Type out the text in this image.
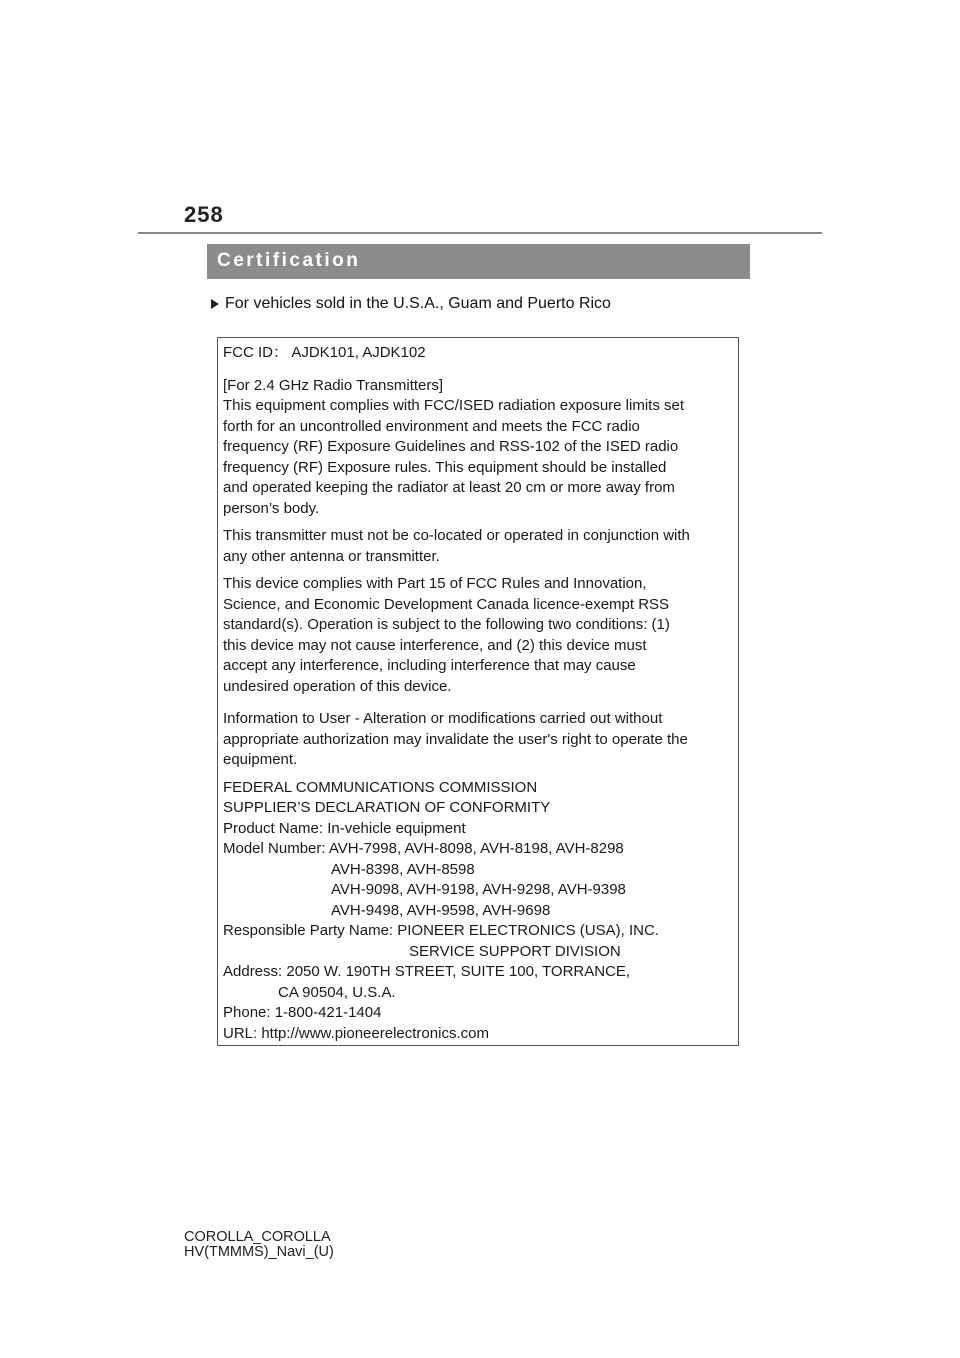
258
Certification
For vehicles sold in the U.S.A., Guam and Puerto Rico

FCC ID： AJDK101, AJDK102

[For 2.4 GHz Radio Transmitters]

This equipment complies with FCC/ISED radiation exposure limits set

forth for an uncontrolled environment and meets the FCC radio

frequency (RF) Exposure Guidelines and RSS-102 of the ISED radio

frequency (RF) Exposure rules. This equipment should be installed

and operated keeping the radiator at least 20 cm or more away from

person’s body.

This transmitter must not be co-located or operated in conjunction with

any other antenna or transmitter.

This device complies with Part 15 of FCC Rules and Innovation,

Science, and Economic Development Canada licence-exempt RSS

standard(s). Operation is subject to the following two conditions: (1)

this device may not cause interference, and (2) this device must

accept any interference, including interference that may cause

undesired operation of this device.

Information to User - Alteration or modifications carried out without

appropriate authorization may invalidate the user's right to operate the

equipment.

FEDERAL COMMUNICATIONS COMMISSION

SUPPLIER’S DECLARATION OF CONFORMITY

Product Name: In-vehicle equipment

Model Number: AVH-7998, AVH-8098, AVH-8198, AVH-8298

AVH-8398, AVH-8598

AVH-9098, AVH-9198, AVH-9298, AVH-9398

AVH-9498, AVH-9598, AVH-9698

Responsible Party Name: PIONEER ELECTRONICS (USA), INC.

SERVICE SUPPORT DIVISION

Address: 2050 W. 190TH STREET, SUITE 100, TORRANCE,

CA 90504, U.S.A.

Phone: 1-800-421-1404

URL: http://www.pioneerelectronics.com

COROLLA_COROLLA
HV(TMMMS)_Navi_(U)
